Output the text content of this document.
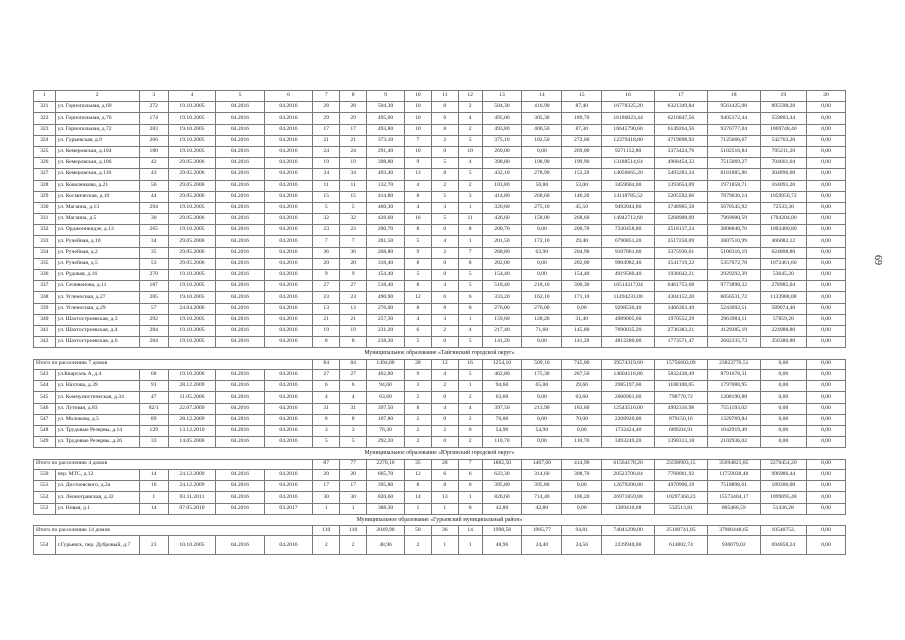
1	2	3	4	5	6	7	8	9	10	11	12	13	14	15	16	17	18	19	20
321	ул. Горнопольная, д.69	272	19.10.2005	04.2016	04.2016	28	28	504,30	10	8	2	504,30	416,90	87,40	16778325,20	6321349,84	9561425,08	895598,28	0,00
322	ул. Горнопольная, д.70	174	19.10.2005	04.2016	04.2016	29	29	495,00	10	6	4	495,00	305,30	189,70	16180023,44	6216847,56	9405372,44	559803,44	0,00
323	ул. Горнопольная, д.72	283	19.10.2005	04.2016	04.2016	17	17	493,80	10	8	2	493,80	406,50	87,30	16645790,60	6149264,56	9376777,04	1069748,40	0,00
324	ул. Гурьевская, д.9	266	19.10.2005	04.2016	04.2016	21	21	373,10	7	2	5	375,10	102,50	272,60	12379418,80	4719898,93	7125666,67	542763,20	0,00
325	ул. Кемеровская, д.104	180	19.10.2005	04.2016	04.2016	24	24	291,40	10	0	10	269,00	0,00	269,00	9271152,80	3373424,76	5102516,84	795211,20	0,00
326	ул. Кемеровская, д.106	42	29.05.2006	04.2016	04.2016	19	19	398,80	9	5	4	398,80	198,90	199,90	13188514,64	4968454,33	7515069,27	704661,04	0,00
327	ул. Кемеровская, д.110	43	29.05.2006	04.2016	04.2016	34	34	493,40	13	8	5	432,10	278,90	153,20	14056665,20	5493283,34	8181885,86	304896,00	0,00
328	ул. Коваленкова, д.21	56	29.05.2006	04.2016	04.2016	11	11	132,70	4	2	2	103,80	50,80	53,00	3459604,00	1393654,09	1971858,71	164091,20	0,00
329	ул. Космическая, д.10	44	29.05.2006	04.2016	04.2016	15	15	414,80	8	5	3	414,80	268,60	146,20	14118785,52	5205592,66	7879036,14	1059950,72	0,00
330	ул. Магаина, д.13	294	19.10.2005	04.2016	04.2016	5	5	460,30	4	3	1	320,60	275,10	45,50	9492044,80	3748965,58	5670545,92	72533,30	0,00
331	ул. Магаина, д.5	30	29.05.2006	04.2016	04.2016	32	32	426,60	16	5	11	426,60	158,00	268,60	14942712,68	5268908,09	7969600,59	1704204,00	0,00
332	ул. Орджоникидзе, д.13	265	19.10.2005	04.2016	04.2016	23	23	200,70	8	0	8	200,70	0,00	200,70	7330458,80	2518137,24	3808840,76	1003480,80	0,00
333	ул. Ручейная, д.10	34	29.05.2006	04.2016	04.2016	7	7	201,50	5	4	1	201,50	172,10	29,40	6790851,20	2517258,09	3807510,99	466082,12	0,00
334	ул. Ручейная, д.2	35	29.05.2006	04.2016	04.2016	36	36	268,80	9	2	7	268,80	63,90	204,90	9107061,60	3375936,61	5106316,19	624808,80	0,00
335	ул. Ручейная, д.5	53	29.05.2006	04.2016	04.2016	20	20	318,40	8	0	8	282,00	0,00	282,00	9904982,40	3541719,22	5357072,78	1072461,60	0,00
336	ул. Рудовая, д.16	270	19.10.2005	04.2016	04.2016	9	9	154,40	5	0	5	154,40	0,00	154,40	4919580,40	1936642,21	2929292,39	53645,20	0,00
337	ул. Селивонова, д.11	187	19.10.2005	04.2016	04.2016	27	27	518,40	8	3	5	518,40	218,10	300,30	16514317,04	6461753,68	9773898,32	278985,04	0,00
338	ул. Угленосная, д.27	285	19.10.2005	04.2016	04.2016	23	23	490,90	12	6	6	333,20	162,10	171,10	11494233,00	4304152,20	6056531,72	1133988,08	0,00
339	ул. Угленосная, д.29	57	24.04.2006	04.2016	04.2016	13	13	276,00	8	8	0	276,00	276,00	0,00	9298530,40	3466363,49	5243092,51	589074,40	0,00
340	ул. Шахтостроевская, д.3	292	19.10.2005	04.2016	04.2016	21	21	257,30	4	3	1	159,60	128,20	31,40	4989005,60	1970552,29	2963984,11	57859,20	0,00
341	ул. Шахтостроевская, д.4	284	19.10.2005	04.2016	04.2016	19	19	231,20	6	2	4	217,40	71,60	145,80	7090035,20	2736383,21	4129385,19	224988,80	0,00
342	ул. Шахтостроевская, д.6	284	19.10.2005	04.2016	04.2016	8	8	218,30	5	0	5	141,20	0,00	141,20	4812280,00	1773571,47	2682335,73	356380,80	0,00
Муниципальное образование «Тайгинский городской округ»																			
Итого по расселению 7 домов						84	84	1494,80	28	12	16	1254,10	509,10	745,00	39574319,60	15756603,09	23823776,51	0,00	0,00
543	ул.Кварталь А, д.4	68	19.10.2006	04.2016	04.2016	27	27	462,80	9	4	5	462,80	175,30	287,50	14604116,80	5832438,49	8791678,31	0,00	0,00
544	ул. Нахтова, д.39	91	28.12.2009	04.2016	04.2016	6	6	94,60	3	2	1	94,60	65,00	29,60	2985197,60	1188108,65	1797088,95	0,00	0,00
545	ул. Коммунистическая, д.34	47	11.05.2006	04.2016	04.2016	4	4	63,60	2	0	2	63,60	0,00	63,60	2006961,60	798770,72	1208190,88	0,00	0,00
546	ул. Лутовая, д.83	82/1	22.07.2009	04.2016	04.2016	31	31	397,50	8	4	4	397,50	213,90	183,60	12543510,00	4992316,98	7551193,02	0,00	0,00
547	ул. Молокова, д.5	89	28.12.2009	04.2016	04.2016	8	8	107,80	2	0	2	70,00	0,00	70,00	2208920,00	879150,16	1329769,84	0,00	0,00
548	ул. Трудовые Резервы, д.14	129	13.12.2010	04.2016	04.2016	3	3	76,30	2	2	0	54,90	54,90	0,00	1732424,40	689504,91	1042919,49	0,00	0,00
549	ул. Трудовые Резервы, д.26	33	14.05.2006	04.2016	04.2016	5	5	292,20	2	0	2	110,70	0,00	110,70	3493249,20	1390313,18	2102936,02	0,00	0,00
Муниципальное образование «Юргинский городской округ»																			
Итого по расселению 4 домов						87	77	2270,10	35	28	7	1882,50	1467,60	414,90	61564178,20	23598903,15	35694821,85	2270454,20	0,00
550	пер. МТС, д.12	14	24.12.2009	04.2016	04.2016	20	20	665,70	12	6	6	623,30	314,60	308,70	20523706,84	7768061,92	11759038,48	996986,44	0,00
551	ул. Достоевского, д.2а	16	24.12.2009	04.2016	04.2016	17	17	395,80	8	8	0	395,80	395,80	0,00	12679200,80	4970996,19	7518898,61	189306,00	0,00
552	ул. Леонотравская, д.32	1	03.11.2011	04.2016	04.2016	30	30	820,60	14	13	1	820,60	714,40	106,20	26971859,88	10297360,23	15573404,17	1099095,48	0,00
553	ул. Новая, д.1	14	07.05.2010	04.2016	03.2017	1	1	388,30	1	1	0	42,80	42,80	0,00	1389410,68	532513,81	805466,59	51436,28	0,00
Муниципальное образование «Гурьевский муниципальный район»																			
Итого по расселению 14 домов						110	110	2049,90	50	36	14	1998,58	1905,77	94,81	74041298,00	25100741,85	37966448,65	10540752,	0,00
554	г.Гурьевск, пер. Дубровый, д.7	23	10.10.2005	04.2016	04.2016	2	2	48,96	2	1	1	48,96	24,40	24,56	2239940,00	614802,74	930079,02	694858,24	0,00
69
